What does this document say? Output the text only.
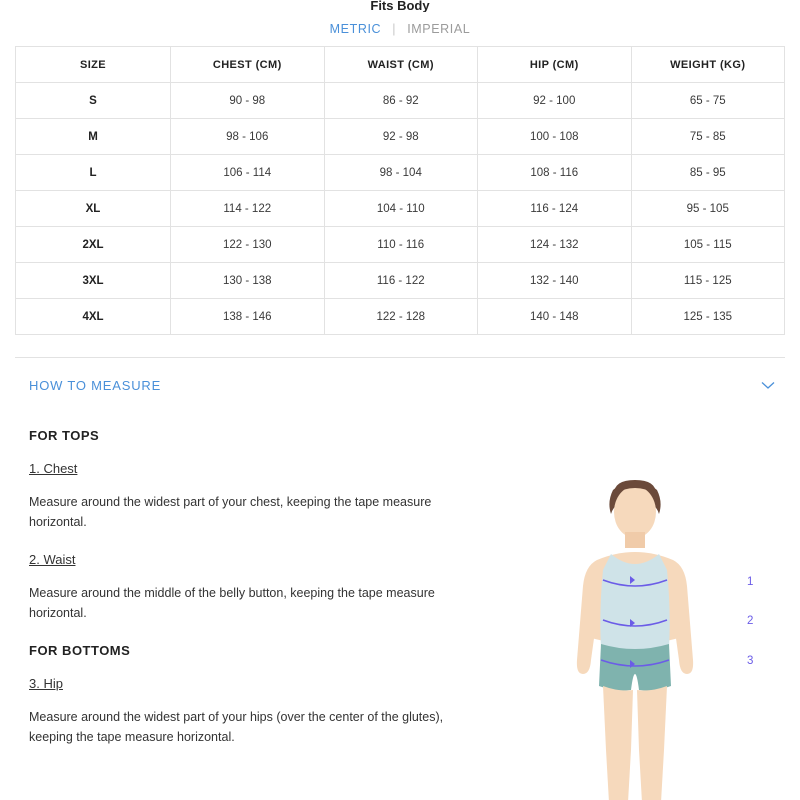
Fits Body
METRIC | IMPERIAL
SIZE	CHEST (CM)	WAIST (CM)	HIP (CM)	WEIGHT (KG)
S	90 - 98	86 - 92	92 - 100	65 - 75
M	98 - 106	92 - 98	100 - 108	75 - 85
L	106 - 114	98 - 104	108 - 116	85 - 95
XL	114 - 122	104 - 110	116 - 124	95 - 105
2XL	122 - 130	110 - 116	124 - 132	105 - 115
3XL	130 - 138	116 - 122	132 - 140	115 - 125
4XL	138 - 146	122 - 128	140 - 148	125 - 135
HOW TO MEASURE
FOR TOPS
1. Chest
Measure around the widest part of your chest, keeping the tape measure horizontal.
2. Waist
Measure around the middle of the belly button, keeping the tape measure horizontal.
FOR BOTTOMS
3. Hip
Measure around the widest part of your hips (over the center of the glutes), keeping the tape measure horizontal.
1
2
3
